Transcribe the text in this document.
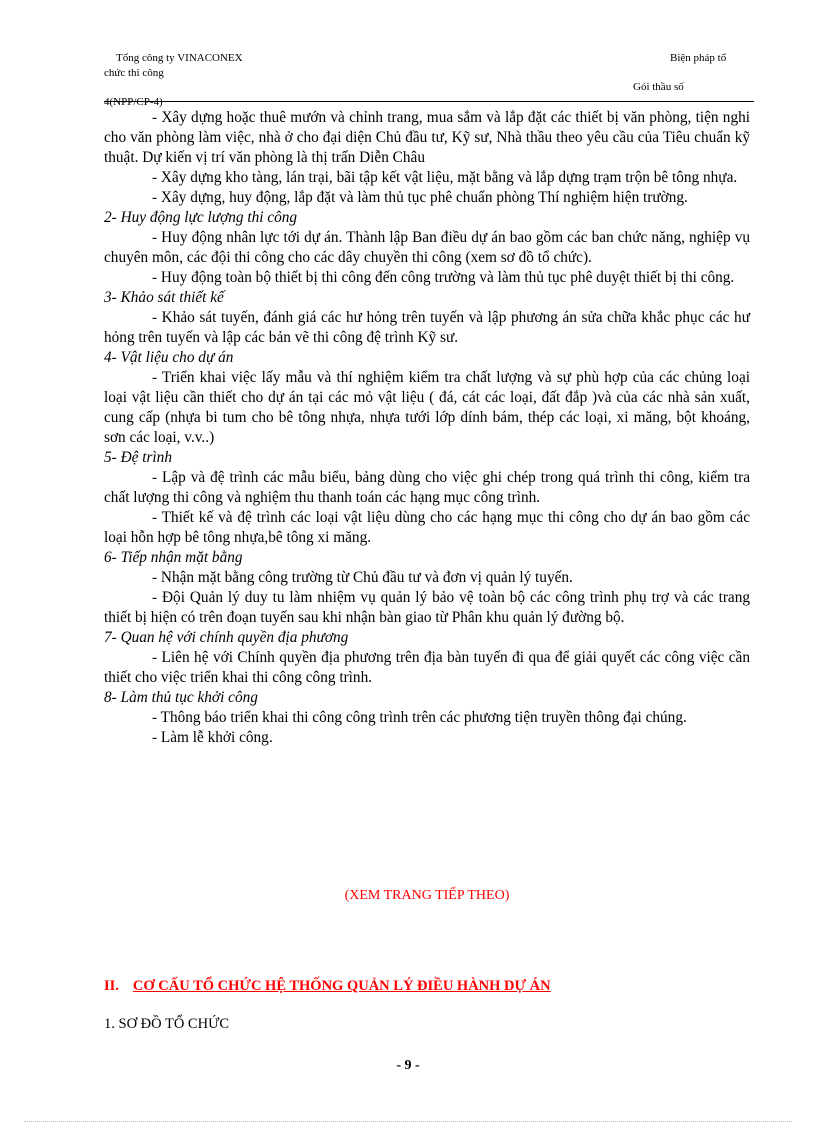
Tổng công ty VINACONEX	Biện pháp tổ
chức thi công
Gói thầu số
4(NPP/CP-4)

- Xây dựng hoặc thuê mướn và chỉnh trang, mua sắm và lắp đặt các thiết bị văn phòng, tiện nghi cho văn phòng làm việc, nhà ở cho đại diện Chủ đầu tư, Kỹ sư, Nhà thầu theo yêu cầu của Tiêu chuẩn kỹ thuật. Dự kiến vị trí văn phòng là thị trấn Diễn Châu

- Xây dựng kho tàng, lán trại, bãi tập kết vật liệu, mặt bằng và lắp dựng trạm trộn bê tông nhựa.

- Xây dựng, huy động, lắp đặt và làm thủ tục phê chuẩn phòng Thí nghiệm hiện trường.

2- Huy động lực lượng thi công

- Huy động nhân lực tới dự án. Thành lập Ban điều dự án bao gồm các ban chức năng, nghiệp vụ chuyên môn, các đội thi công cho các dây chuyền thi công (xem sơ đồ tổ chức).

- Huy động toàn bộ thiết bị thi công đến công trường và làm thủ tục phê duyệt thiết bị thi công.

3- Khảo sát thiết kế

- Khảo sát tuyến, đánh giá các hư hỏng trên tuyến và lập phương án sửa chữa khắc phục các hư hỏng trên tuyến và lập các bản vẽ thi công đệ trình Kỹ sư.

4- Vật liệu cho dự án

- Triển khai việc lấy mẫu và thí nghiệm kiểm tra chất lượng và sự phù hợp của các chủng loại loại vật liệu cần thiết cho dự án tại các mỏ vật liệu ( đá, cát các loại, đất đắp )và của các nhà sản xuất, cung cấp (nhựa bi tum cho bê tông nhựa, nhựa tưới lớp dính bám, thép các loại, xi măng, bột khoáng, sơn các loại, v.v..)

5- Đệ trình

- Lập và đệ trình các mẫu biểu, bảng dùng cho việc ghi chép trong quá trình thi công, kiểm tra chất lượng thi công và nghiệm thu thanh toán các hạng mục công trình.

- Thiết kế và đệ trình các loại vật liệu dùng cho các hạng mục thi công cho dự án bao gồm các loại hỗn hợp bê tông nhựa,bê tông xi măng.

6- Tiếp nhận mặt bằng

- Nhận mặt bằng công trường từ Chủ đầu tư và đơn vị quản lý tuyến.

- Đội Quản lý duy tu làm nhiệm vụ quản lý bảo vệ toàn bộ các công trình phụ trợ và các trang thiết bị hiện có trên đoạn tuyến sau khi nhận bàn giao từ Phân khu quản lý đường bộ.

7- Quan hệ với chính quyền địa phương

- Liên hệ với Chính quyền địa phương trên địa bàn tuyến đi qua để giải quyết các công việc cần thiết cho việc triển khai thi công công trình.

8- Làm thủ tục khởi công

- Thông báo triển khai thi công công trình trên các phương tiện truyền thông đại chúng.

- Làm lễ khởi công.

(XEM TRANG TIẾP THEO)
II. CƠ CẤU TỔ CHỨC HỆ THỐNG QUẢN LÝ ĐIỀU HÀNH DỰ ÁN
1. SƠ ĐỒ TỔ CHỨC
- 9 -
